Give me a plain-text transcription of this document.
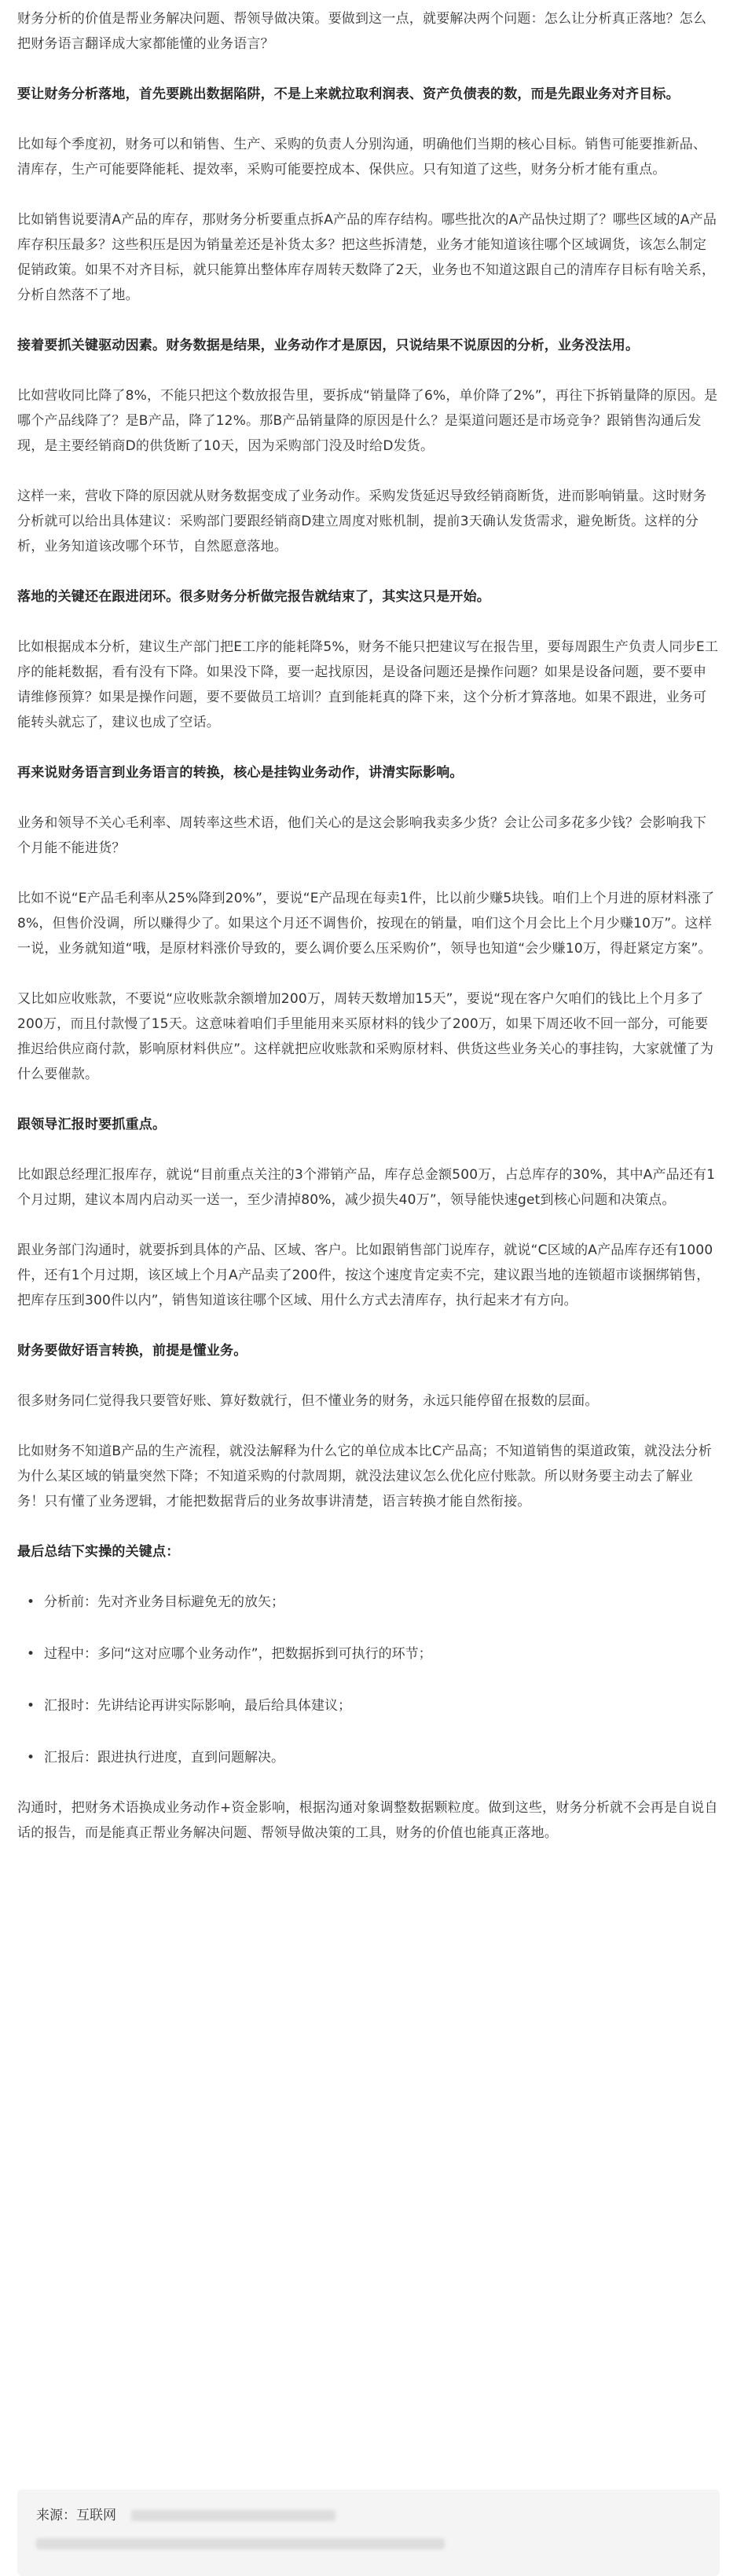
财务分析的价值是帮业务解决问题、帮领导做决策。要做到这一点，就要解决两个问题：怎么让分析真正落地？怎么把财务语言翻译成大家都能懂的业务语言？

要让财务分析落地，首先要跳出数据陷阱，不是上来就拉取利润表、资产负债表的数，而是先跟业务对齐目标。

比如每个季度初，财务可以和销售、生产、采购的负责人分别沟通，明确他们当期的核心目标。销售可能要推新品、清库存，生产可能要降能耗、提效率，采购可能要控成本、保供应。只有知道了这些，财务分析才能有重点。

比如销售说要清A产品的库存，那财务分析要重点拆A产品的库存结构。哪些批次的A产品快过期了？哪些区域的A产品库存积压最多？这些积压是因为销量差还是补货太多？把这些拆清楚，业务才能知道该往哪个区域调货，该怎么制定促销政策。如果不对齐目标，就只能算出整体库存周转天数降了2天，业务也不知道这跟自己的清库存目标有啥关系，分析自然落不了地。

接着要抓关键驱动因素。财务数据是结果，业务动作才是原因，只说结果不说原因的分析，业务没法用。

比如营收同比降了8%，不能只把这个数放报告里，要拆成“销量降了6%，单价降了2%”，再往下拆销量降的原因。是哪个产品线降了？是B产品，降了12%。那B产品销量降的原因是什么？是渠道问题还是市场竞争？跟销售沟通后发现，是主要经销商D的供货断了10天，因为采购部门没及时给D发货。

这样一来，营收下降的原因就从财务数据变成了业务动作。采购发货延迟导致经销商断货，进而影响销量。这时财务分析就可以给出具体建议：采购部门要跟经销商D建立周度对账机制，提前3天确认发货需求，避免断货。这样的分析，业务知道该改哪个环节，自然愿意落地。

落地的关键还在跟进闭环。很多财务分析做完报告就结束了，其实这只是开始。

比如根据成本分析，建议生产部门把E工序的能耗降5%，财务不能只把建议写在报告里，要每周跟生产负责人同步E工序的能耗数据，看有没有下降。如果没下降，要一起找原因，是设备问题还是操作问题？如果是设备问题，要不要申请维修预算？如果是操作问题，要不要做员工培训？直到能耗真的降下来，这个分析才算落地。如果不跟进，业务可能转头就忘了，建议也成了空话。

再来说财务语言到业务语言的转换，核心是挂钩业务动作，讲清实际影响。

业务和领导不关心毛利率、周转率这些术语，他们关心的是这会影响我卖多少货？会让公司多花多少钱？会影响我下个月能不能进货？

比如不说“E产品毛利率从25%降到20%”，要说“E产品现在每卖1件，比以前少赚5块钱。咱们上个月进的原材料涨了8%，但售价没调，所以赚得少了。如果这个月还不调售价，按现在的销量，咱们这个月会比上个月少赚10万”。这样一说，业务就知道“哦，是原材料涨价导致的，要么调价要么压采购价”，领导也知道“会少赚10万，得赶紧定方案”。

又比如应收账款，不要说“应收账款余额增加200万，周转天数增加15天”，要说“现在客户欠咱们的钱比上个月多了200万，而且付款慢了15天。这意味着咱们手里能用来买原材料的钱少了200万，如果下周还收不回一部分，可能要推迟给供应商付款，影响原材料供应”。这样就把应收账款和采购原材料、供货这些业务关心的事挂钩，大家就懂了为什么要催款。

跟领导汇报时要抓重点。

比如跟总经理汇报库存，就说“目前重点关注的3个滞销产品，库存总金额500万，占总库存的30%，其中A产品还有1个月过期，建议本周内启动买一送一，至少清掉80%，减少损失40万”，领导能快速get到核心问题和决策点。

跟业务部门沟通时，就要拆到具体的产品、区域、客户。比如跟销售部门说库存，就说“C区域的A产品库存还有1000件，还有1个月过期，该区域上个月A产品卖了200件，按这个速度肯定卖不完，建议跟当地的连锁超市谈捆绑销售，把库存压到300件以内”，销售知道该往哪个区域、用什么方式去清库存，执行起来才有方向。

财务要做好语言转换，前提是懂业务。

很多财务同仁觉得我只要管好账、算好数就行，但不懂业务的财务，永远只能停留在报数的层面。

比如财务不知道B产品的生产流程，就没法解释为什么它的单位成本比C产品高；不知道销售的渠道政策，就没法分析为什么某区域的销量突然下降；不知道采购的付款周期，就没法建议怎么优化应付账款。所以财务要主动去了解业务！只有懂了业务逻辑，才能把数据背后的业务故事讲清楚，语言转换才能自然衔接。

最后总结下实操的关键点：

• 分析前：先对齐业务目标避免无的放矢；
• 过程中：多问“这对应哪个业务动作”，把数据拆到可执行的环节；
• 汇报时：先讲结论再讲实际影响，最后给具体建议；
• 汇报后：跟进执行进度，直到问题解决。

沟通时，把财务术语换成业务动作+资金影响，根据沟通对象调整数据颗粒度。做到这些，财务分析就不会再是自说自话的报告，而是能真正帮业务解决问题、帮领导做决策的工具，财务的价值也能真正落地。

来源：互联网
